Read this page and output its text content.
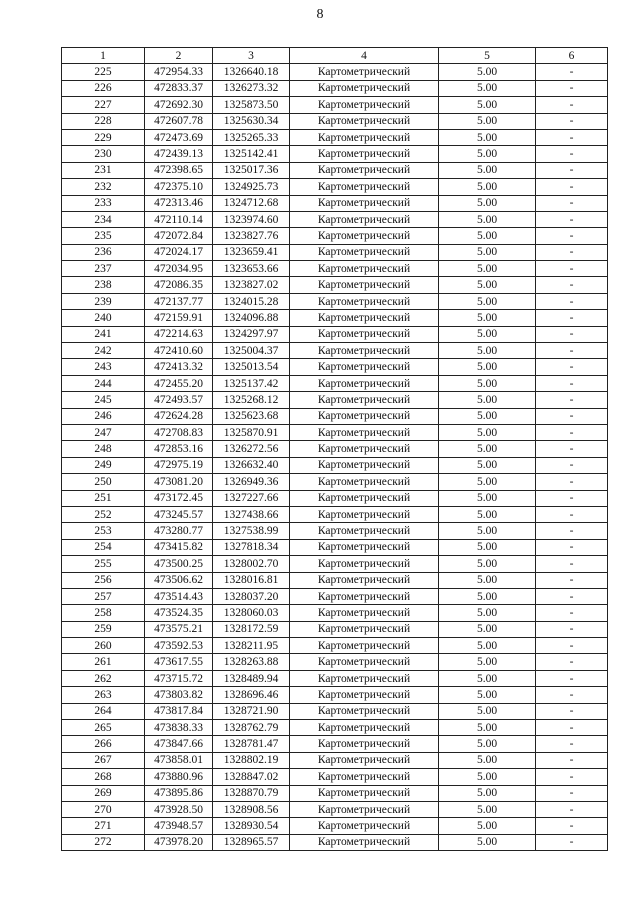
8
1	2	3	4	5	6
225	472954.33	1326640.18	Картометрический	5.00	-
226	472833.37	1326273.32	Картометрический	5.00	-
227	472692.30	1325873.50	Картометрический	5.00	-
228	472607.78	1325630.34	Картометрический	5.00	-
229	472473.69	1325265.33	Картометрический	5.00	-
230	472439.13	1325142.41	Картометрический	5.00	-
231	472398.65	1325017.36	Картометрический	5.00	-
232	472375.10	1324925.73	Картометрический	5.00	-
233	472313.46	1324712.68	Картометрический	5.00	-
234	472110.14	1323974.60	Картометрический	5.00	-
235	472072.84	1323827.76	Картометрический	5.00	-
236	472024.17	1323659.41	Картометрический	5.00	-
237	472034.95	1323653.66	Картометрический	5.00	-
238	472086.35	1323827.02	Картометрический	5.00	-
239	472137.77	1324015.28	Картометрический	5.00	-
240	472159.91	1324096.88	Картометрический	5.00	-
241	472214.63	1324297.97	Картометрический	5.00	-
242	472410.60	1325004.37	Картометрический	5.00	-
243	472413.32	1325013.54	Картометрический	5.00	-
244	472455.20	1325137.42	Картометрический	5.00	-
245	472493.57	1325268.12	Картометрический	5.00	-
246	472624.28	1325623.68	Картометрический	5.00	-
247	472708.83	1325870.91	Картометрический	5.00	-
248	472853.16	1326272.56	Картометрический	5.00	-
249	472975.19	1326632.40	Картометрический	5.00	-
250	473081.20	1326949.36	Картометрический	5.00	-
251	473172.45	1327227.66	Картометрический	5.00	-
252	473245.57	1327438.66	Картометрический	5.00	-
253	473280.77	1327538.99	Картометрический	5.00	-
254	473415.82	1327818.34	Картометрический	5.00	-
255	473500.25	1328002.70	Картометрический	5.00	-
256	473506.62	1328016.81	Картометрический	5.00	-
257	473514.43	1328037.20	Картометрический	5.00	-
258	473524.35	1328060.03	Картометрический	5.00	-
259	473575.21	1328172.59	Картометрический	5.00	-
260	473592.53	1328211.95	Картометрический	5.00	-
261	473617.55	1328263.88	Картометрический	5.00	-
262	473715.72	1328489.94	Картометрический	5.00	-
263	473803.82	1328696.46	Картометрический	5.00	-
264	473817.84	1328721.90	Картометрический	5.00	-
265	473838.33	1328762.79	Картометрический	5.00	-
266	473847.66	1328781.47	Картометрический	5.00	-
267	473858.01	1328802.19	Картометрический	5.00	-
268	473880.96	1328847.02	Картометрический	5.00	-
269	473895.86	1328870.79	Картометрический	5.00	-
270	473928.50	1328908.56	Картометрический	5.00	-
271	473948.57	1328930.54	Картометрический	5.00	-
272	473978.20	1328965.57	Картометрический	5.00	-
